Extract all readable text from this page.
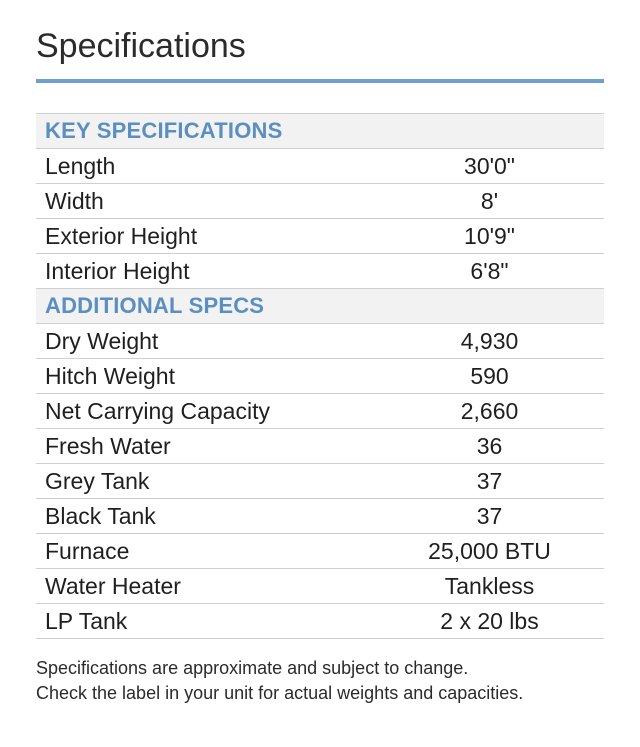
Specifications
KEY SPECIFICATIONS	
Length	30'0"
Width	8'
Exterior Height	10'9"
Interior Height	6'8"
ADDITIONAL SPECS	
Dry Weight	4,930
Hitch Weight	590
Net Carrying Capacity	2,660
Fresh Water	36
Grey Tank	37
Black Tank	37
Furnace	25,000 BTU
Water Heater	Tankless
LP Tank	2 x 20 lbs
Specifications are approximate and subject to change.
Check the label in your unit for actual weights and capacities.
